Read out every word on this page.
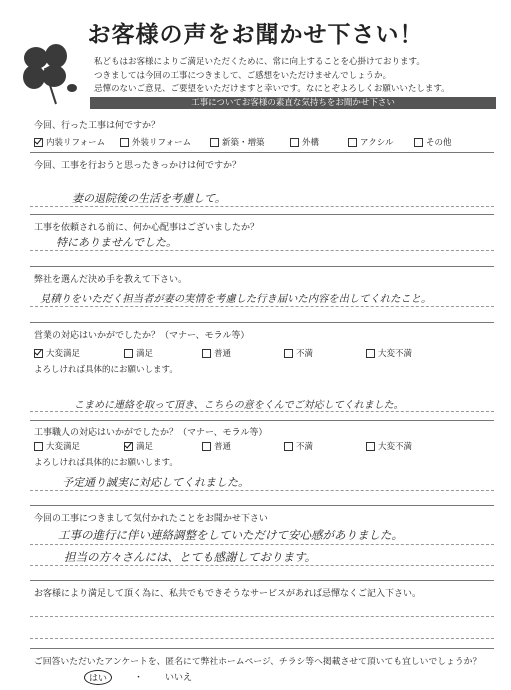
お客様の声をお聞かせ下さい！
私どもはお客様によりご満足いただくために、常に向上することを心掛けております。
つきましては今回の工事につきまして、ご感想をいただけませんでしょうか。
忌憚のないご意見、ご要望をいただけますと幸いです。なにとぞよろしくお願いいたします。
工事についてお客様の素直な気持ちをお聞かせ下さい
今回、行った工事は何ですか？
内装リフォーム	外装リフォーム	新築・増築	外構	アクシル	その他
今回、工事を行おうと思ったきっかけは何ですか？
妻の退院後の生活を考慮して。
工事を依頼される前に、何か心配事はございましたか？
特にありませんでした。
弊社を選んだ決め手を教えて下さい。
見積りをいただく担当者が妻の実情を考慮した行き届いた内容を出してくれたこと。
営業の対応はいかがでしたか？（マナー、モラル等）
大変満足	満足	普通	不満	大変不満
よろしければ具体的にお願いします。
こまめに連絡を取って頂き、こちらの意をくんでご対応してくれました。
工事職人の対応はいかがでしたか？（マナー、モラル等）
大変満足	満足	普通	不満	大変不満
よろしければ具体的にお願いします。
予定通り誠実に対応してくれました。
今回の工事につきまして気付かれたことをお聞かせ下さい
工事の進行に伴い連絡調整をしていただけて安心感がありました。
担当の方々さんには、とても感謝しております。
お客様により満足して頂く為に、私共でもできそうなサービスがあれば忌憚なくご記入下さい。
ご回答いただいたアンケートを、匿名にて弊社ホームページ、チラシ等へ掲載させて頂いても宜しいでしょうか？
はい	・ いいえ
